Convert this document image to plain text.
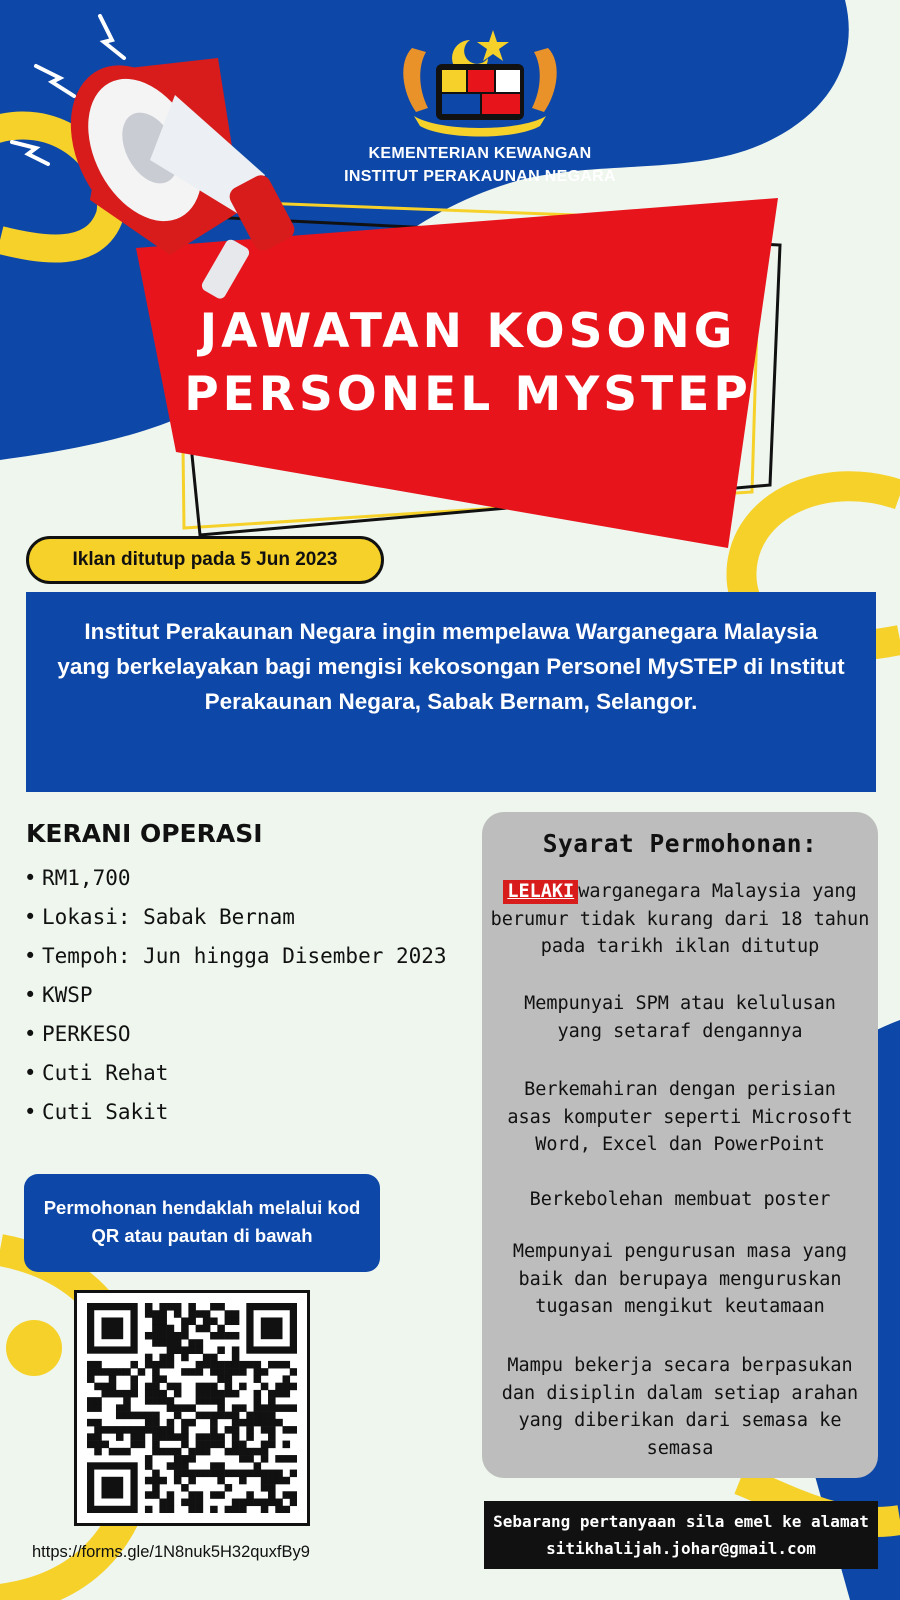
KEMENTERIAN KEWANGAN
INSTITUT PERAKAUNAN NEGARA
JAWATAN KOSONG
PERSONEL MYSTEP
Iklan ditutup pada 5 Jun 2023
Institut Perakaunan Negara ingin mempelawa Warganegara Malaysia yang berkelayakan bagi mengisi kekosongan Personel MySTEP di Institut Perakaunan Negara, Sabak Bernam, Selangor.
KERANI OPERASI
• RM1,700
• Lokasi: Sabak Bernam
• Tempoh: Jun hingga Disember 2023
• KWSP
• PERKESO
• Cuti Rehat
• Cuti Sakit
Permohonan hendaklah melalui kod QR atau pautan di bawah
https://forms.gle/1N8nuk5H32quxfBy9
Syarat Permohonan:
LELAKI warganegara Malaysia yang
berumur tidak kurang dari 18 tahun
pada tarikh iklan ditutup
Mempunyai SPM atau kelulusan
yang setaraf dengannya
Berkemahiran dengan perisian
asas komputer seperti Microsoft
Word, Excel dan PowerPoint
Berkebolehan membuat poster
Mempunyai pengurusan masa yang
baik dan berupaya menguruskan
tugasan mengikut keutamaan
Mampu bekerja secara berpasukan
dan disiplin dalam setiap arahan
yang diberikan dari semasa ke
semasa
Sebarang pertanyaan sila emel ke alamat
sitikhalijah.johar@gmail.com
